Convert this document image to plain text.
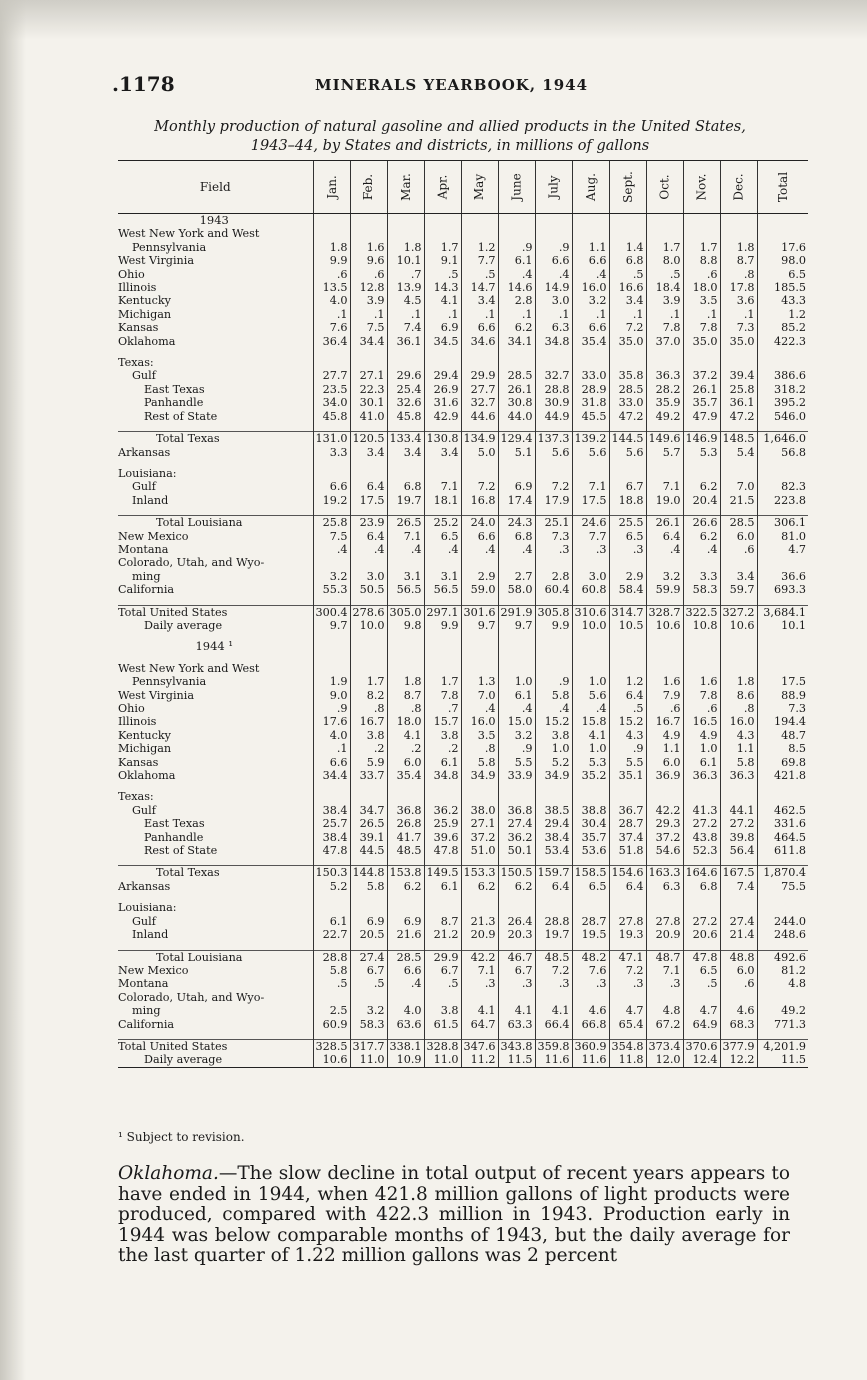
.1178	MINERALS YEARBOOK, 1944
Monthly production of natural gasoline and allied products in the United States,
1943–44, by States and districts, in millions of gallons
Field	Jan.	Feb.	Mar.	Apr.	May	June	July	Aug.	Sept.	Oct.	Nov.	Dec.	Total
1943													
West New York and West													
Pennsylvania	1.8	1.6	1.8	1.7	1.2	.9	.9	1.1	1.4	1.7	1.7	1.8	17.6
West Virginia	9.9	9.6	10.1	9.1	7.7	6.1	6.6	6.6	6.8	8.0	8.8	8.7	98.0
Ohio	.6	.6	.7	.5	.5	.4	.4	.4	.5	.5	.6	.8	6.5
Illinois	13.5	12.8	13.9	14.3	14.7	14.6	14.9	16.0	16.6	18.4	18.0	17.8	185.5
Kentucky	4.0	3.9	4.5	4.1	3.4	2.8	3.0	3.2	3.4	3.9	3.5	3.6	43.3
Michigan	.1	.1	.1	.1	.1	.1	.1	.1	.1	.1	.1	.1	1.2
Kansas	7.6	7.5	7.4	6.9	6.6	6.2	6.3	6.6	7.2	7.8	7.8	7.3	85.2
Oklahoma	36.4	34.4	36.1	34.5	34.6	34.1	34.8	35.4	35.0	37.0	35.0	35.0	422.3

Texas:													
Gulf	27.7	27.1	29.6	29.4	29.9	28.5	32.7	33.0	35.8	36.3	37.2	39.4	386.6
East Texas	23.5	22.3	25.4	26.9	27.7	26.1	28.8	28.9	28.5	28.2	26.1	25.8	318.2
Panhandle	34.0	30.1	32.6	31.6	32.7	30.8	30.9	31.8	33.0	35.9	35.7	36.1	395.2
Rest of State	45.8	41.0	45.8	42.9	44.6	44.0	44.9	45.5	47.2	49.2	47.9	47.2	546.0

Total Texas	131.0	120.5	133.4	130.8	134.9	129.4	137.3	139.2	144.5	149.6	146.9	148.5	1,646.0
Arkansas	3.3	3.4	3.4	3.4	5.0	5.1	5.6	5.6	5.6	5.7	5.3	5.4	56.8

Louisiana:													
Gulf	6.6	6.4	6.8	7.1	7.2	6.9	7.2	7.1	6.7	7.1	6.2	7.0	82.3
Inland	19.2	17.5	19.7	18.1	16.8	17.4	17.9	17.5	18.8	19.0	20.4	21.5	223.8

Total Louisiana	25.8	23.9	26.5	25.2	24.0	24.3	25.1	24.6	25.5	26.1	26.6	28.5	306.1
New Mexico	7.5	6.4	7.1	6.5	6.6	6.8	7.3	7.7	6.5	6.4	6.2	6.0	81.0
Montana	.4	.4	.4	.4	.4	.4	.3	.3	.3	.4	.4	.6	4.7
Colorado, Utah, and Wyo-													
ming	3.2	3.0	3.1	3.1	2.9	2.7	2.8	3.0	2.9	3.2	3.3	3.4	36.6
California	55.3	50.5	56.5	56.5	59.0	58.0	60.4	60.8	58.4	59.9	58.3	59.7	693.3

Total United States	300.4	278.6	305.0	297.1	301.6	291.9	305.8	310.6	314.7	328.7	322.5	327.2	3,684.1
Daily average	9.7	10.0	9.8	9.9	9.7	9.7	9.9	10.0	10.5	10.6	10.8	10.6	10.1

1944 ¹													

West New York and West													
Pennsylvania	1.9	1.7	1.8	1.7	1.3	1.0	.9	1.0	1.2	1.6	1.6	1.8	17.5
West Virginia	9.0	8.2	8.7	7.8	7.0	6.1	5.8	5.6	6.4	7.9	7.8	8.6	88.9
Ohio	.9	.8	.8	.7	.4	.4	.4	.4	.5	.6	.6	.8	7.3
Illinois	17.6	16.7	18.0	15.7	16.0	15.0	15.2	15.8	15.2	16.7	16.5	16.0	194.4
Kentucky	4.0	3.8	4.1	3.8	3.5	3.2	3.8	4.1	4.3	4.9	4.9	4.3	48.7
Michigan	.1	.2	.2	.2	.8	.9	1.0	1.0	.9	1.1	1.0	1.1	8.5
Kansas	6.6	5.9	6.0	6.1	5.8	5.5	5.2	5.3	5.5	6.0	6.1	5.8	69.8
Oklahoma	34.4	33.7	35.4	34.8	34.9	33.9	34.9	35.2	35.1	36.9	36.3	36.3	421.8

Texas:													
Gulf	38.4	34.7	36.8	36.2	38.0	36.8	38.5	38.8	36.7	42.2	41.3	44.1	462.5
East Texas	25.7	26.5	26.8	25.9	27.1	27.4	29.4	30.4	28.7	29.3	27.2	27.2	331.6
Panhandle	38.4	39.1	41.7	39.6	37.2	36.2	38.4	35.7	37.4	37.2	43.8	39.8	464.5
Rest of State	47.8	44.5	48.5	47.8	51.0	50.1	53.4	53.6	51.8	54.6	52.3	56.4	611.8

Total Texas	150.3	144.8	153.8	149.5	153.3	150.5	159.7	158.5	154.6	163.3	164.6	167.5	1,870.4
Arkansas	5.2	5.8	6.2	6.1	6.2	6.2	6.4	6.5	6.4	6.3	6.8	7.4	75.5

Louisiana:													
Gulf	6.1	6.9	6.9	8.7	21.3	26.4	28.8	28.7	27.8	27.8	27.2	27.4	244.0
Inland	22.7	20.5	21.6	21.2	20.9	20.3	19.7	19.5	19.3	20.9	20.6	21.4	248.6

Total Louisiana	28.8	27.4	28.5	29.9	42.2	46.7	48.5	48.2	47.1	48.7	47.8	48.8	492.6
New Mexico	5.8	6.7	6.6	6.7	7.1	6.7	7.2	7.6	7.2	7.1	6.5	6.0	81.2
Montana	.5	.5	.4	.5	.3	.3	.3	.3	.3	.3	.5	.6	4.8
Colorado, Utah, and Wyo-													
ming	2.5	3.2	4.0	3.8	4.1	4.1	4.1	4.6	4.7	4.8	4.7	4.6	49.2
California	60.9	58.3	63.6	61.5	64.7	63.3	66.4	66.8	65.4	67.2	64.9	68.3	771.3

Total United States	328.5	317.7	338.1	328.8	347.6	343.8	359.8	360.9	354.8	373.4	370.6	377.9	4,201.9
Daily average	10.6	11.0	10.9	11.0	11.2	11.5	11.6	11.6	11.8	12.0	12.4	12.2	11.5
¹ Subject to revision.
Oklahoma.—The slow decline in total output of recent years appears to have ended in 1944, when 421.8 million gallons of light products were produced, compared with 422.3 million in 1943. Production early in 1944 was below comparable months of 1943, but the daily average for the last quarter of 1.22 million gallons was 2 percent
